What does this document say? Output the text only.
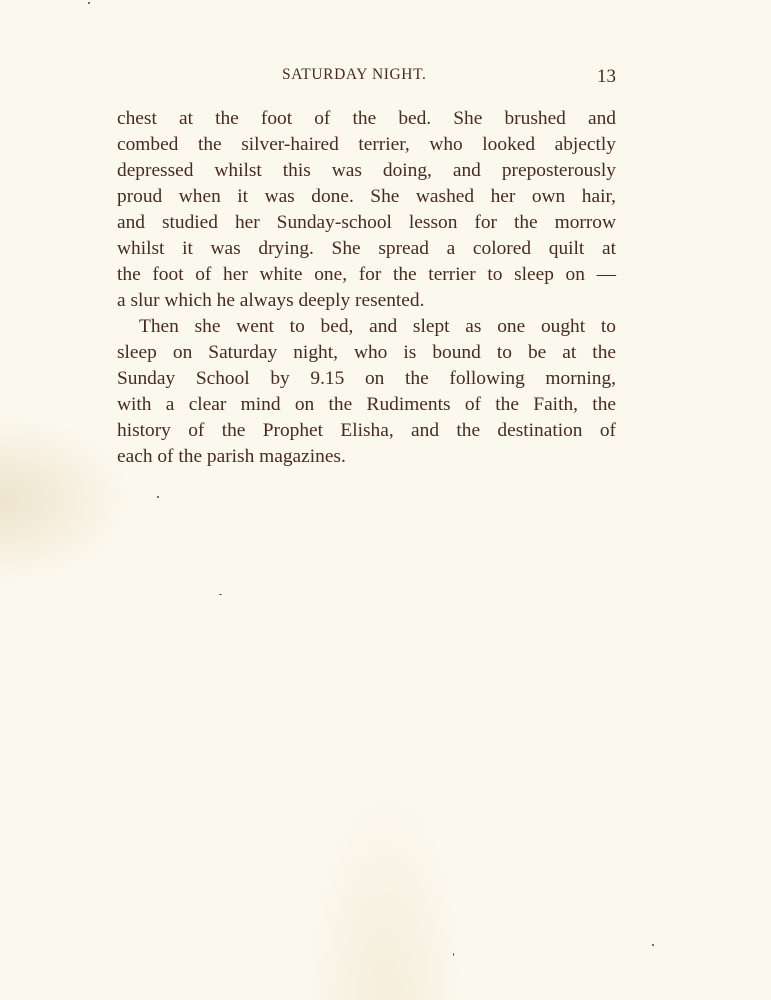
SATURDAY NIGHT.	13
chest at the foot of the bed. She brushed and
combed the silver-haired terrier, who looked abjectly
depressed whilst this was doing, and preposterously
proud when it was done. She washed her own hair,
and studied her Sunday-school lesson for the morrow
whilst it was drying. She spread a colored quilt at
the foot of her white one, for the terrier to sleep on —
a slur which he always deeply resented.
Then she went to bed, and slept as one ought to
sleep on Saturday night, who is bound to be at the
Sunday School by 9.15 on the following morning,
with a clear mind on the Rudiments of the Faith, the
history of the Prophet Elisha, and the destination of
each of the parish magazines.
